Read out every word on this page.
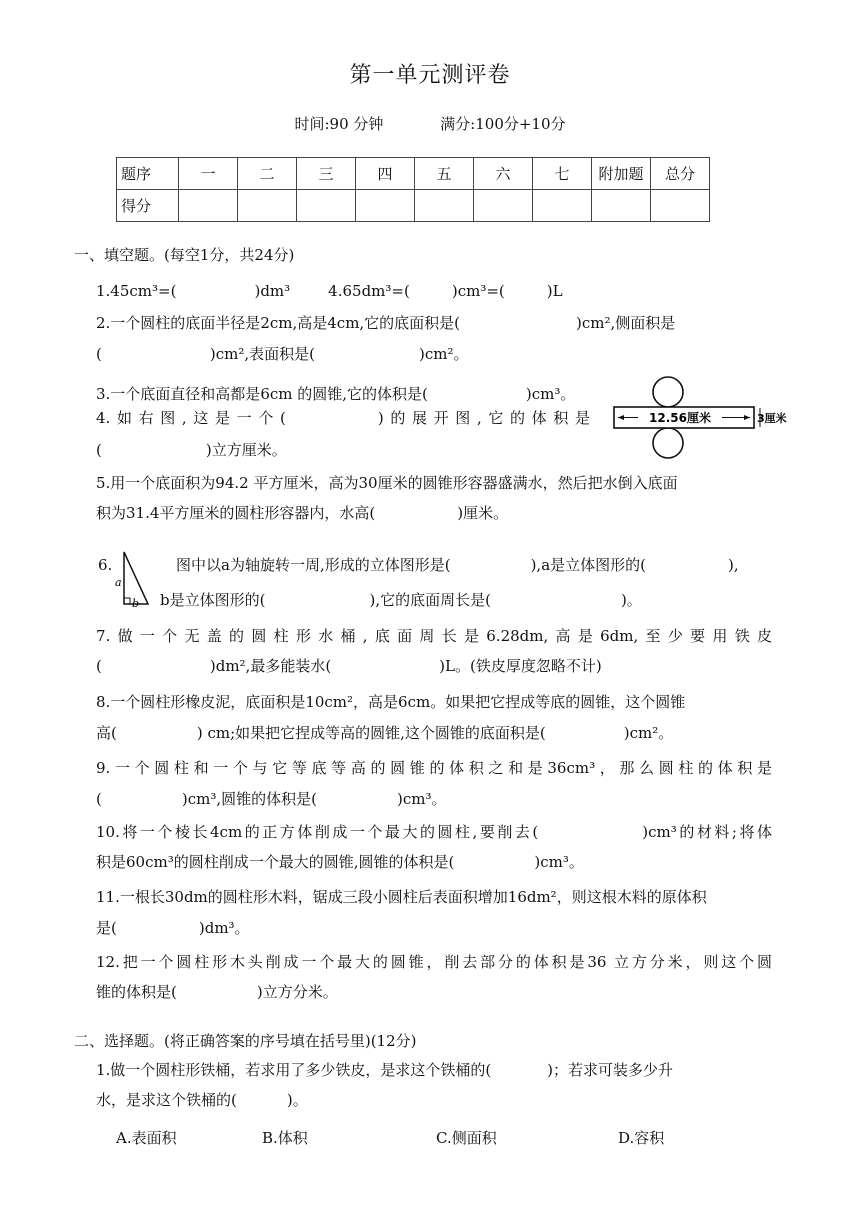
第一单元测评卷
时间:90 分钟	满分:100分+10分
题序	一	二	三	四	五	六	七	附加题	总分
得分									
一、填空题。(每空1分，共24分)
1.45cm³=(	)dm³	4.65dm³=(	)cm³=(	)L
2.一个圆柱的底面半径是2cm,高是4cm,它的底面积是(	)cm²,侧面积是
(	)cm²,表面积是(	)cm²。
3.一个底面直径和高都是6cm 的圆锥,它的体积是(	)cm³。
4.如右图,这是一个(	)的展开图,它的体积是
(	)立方厘米。
12.56厘米	3厘米
5.用一个底面积为94.2 平方厘米，高为30厘米的圆锥形容器盛满水，然后把水倒入底面
积为31.4平方厘米的圆柱形容器内，水高(	)厘米。
6.
a
b
图中以a为轴旋转一周,形成的立体图形是(	),a是立体图形的(	),
b是立体图形的(	),它的底面周长是(	)。
7.做一个无盖的圆柱形水桶,底面周长是6.28dm,高是6dm,至少要用铁皮
(	)dm²,最多能装水(	)L。(铁皮厚度忽略不计)
8.一个圆柱形橡皮泥，底面积是10cm²，高是6cm。如果把它捏成等底的圆锥，这个圆锥
高(	) cm;如果把它捏成等高的圆锥,这个圆锥的底面积是(	)cm²。
9.一个圆柱和一个与它等底等高的圆锥的体积之和是36cm³，那么圆柱的体积是
(	)cm³,圆锥的体积是(	)cm³。
10.将一个棱长4cm的正方体削成一个最大的圆柱,要削去(	)cm³的材料;将体
积是60cm³的圆柱削成一个最大的圆锥,圆锥的体积是(	)cm³。
11.一根长30dm的圆柱形木料，锯成三段小圆柱后表面积增加16dm²，则这根木料的原体积
是(	)dm³。
12.把一个圆柱形木头削成一个最大的圆锥，削去部分的体积是36 立方分米，则这个圆
锥的体积是(	)立方分米。
二、选择题。(将正确答案的序号填在括号里)(12分)
1.做一个圆柱形铁桶，若求用了多少铁皮，是求这个铁桶的(	)；若求可装多少升
水，是求这个铁桶的(	)。
A.表面积	B.体积	C.侧面积	D.容积
